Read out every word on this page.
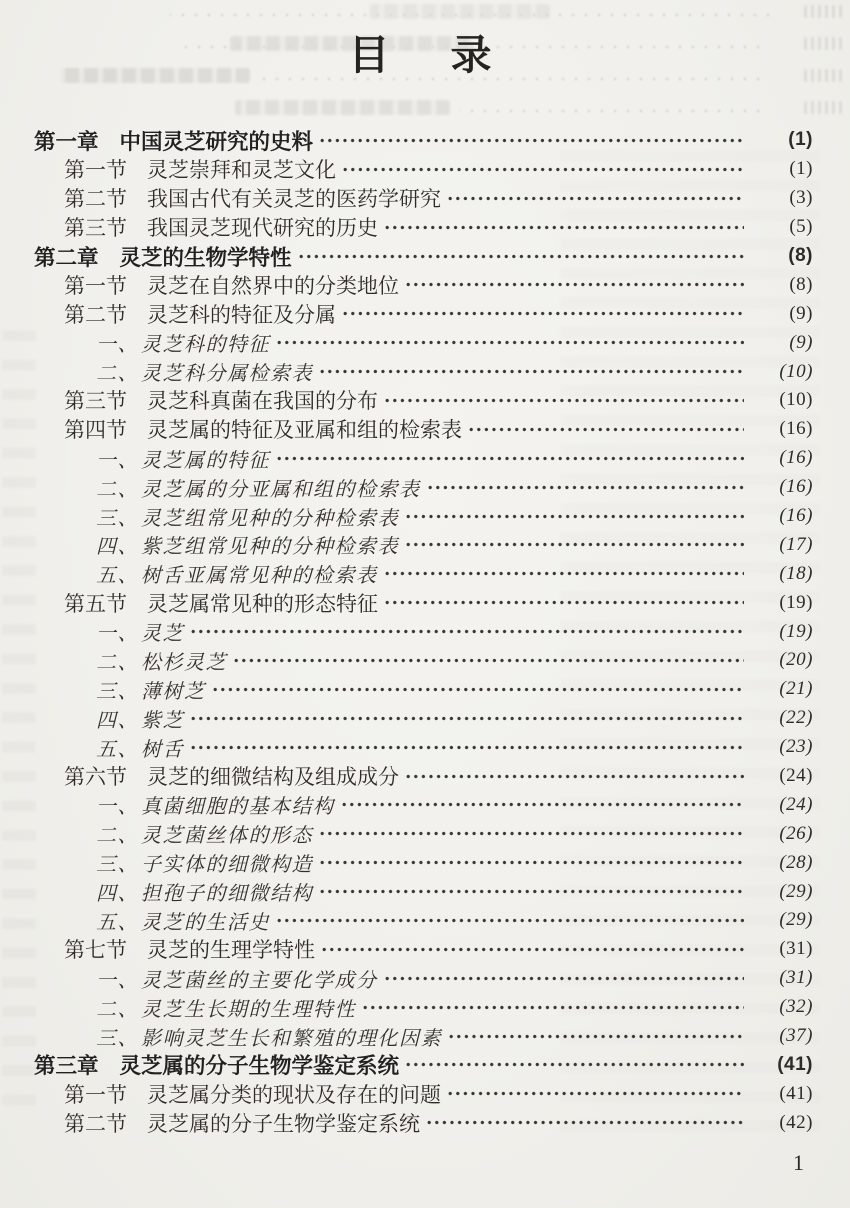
目　录
第一章 中国灵芝研究的史料	(1)
第一节 灵芝崇拜和灵芝文化	(1)
第二节 我国古代有关灵芝的医药学研究	(3)
第三节 我国灵芝现代研究的历史	(5)
第二章 灵芝的生物学特性	(8)
第一节 灵芝在自然界中的分类地位	(8)
第二节 灵芝科的特征及分属	(9)
一、 灵芝科的特征	(9)
二、 灵芝科分属检索表	(10)
第三节 灵芝科真菌在我国的分布	(10)
第四节 灵芝属的特征及亚属和组的检索表	(16)
一、 灵芝属的特征	(16)
二、 灵芝属的分亚属和组的检索表	(16)
三、 灵芝组常见种的分种检索表	(16)
四、 紫芝组常见种的分种检索表	(17)
五、 树舌亚属常见种的检索表	(18)
第五节 灵芝属常见种的形态特征	(19)
一、 灵芝	(19)
二、 松杉灵芝	(20)
三、 薄树芝	(21)
四、 紫芝	(22)
五、 树舌	(23)
第六节 灵芝的细微结构及组成成分	(24)
一、 真菌细胞的基本结构	(24)
二、 灵芝菌丝体的形态	(26)
三、 子实体的细微构造	(28)
四、 担孢子的细微结构	(29)
五、 灵芝的生活史	(29)
第七节 灵芝的生理学特性	(31)
一、 灵芝菌丝的主要化学成分	(31)
二、 灵芝生长期的生理特性	(32)
三、 影响灵芝生长和繁殖的理化因素	(37)
第三章 灵芝属的分子生物学鉴定系统	(41)
第一节 灵芝属分类的现状及存在的问题	(41)
第二节 灵芝属的分子生物学鉴定系统	(42)
1
